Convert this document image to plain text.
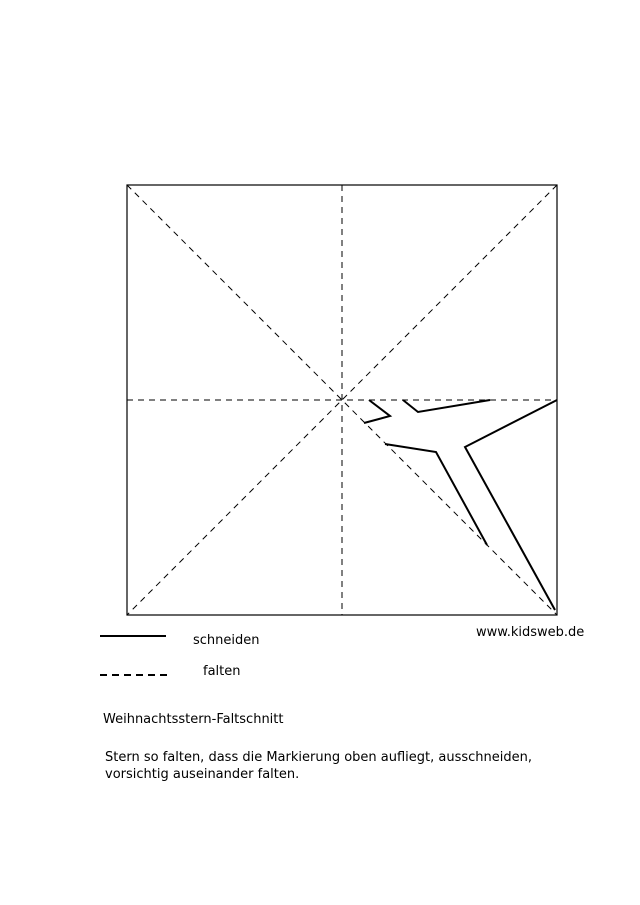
www.kidsweb.de
schneiden
falten
Weihnachtsstern-Faltschnitt
Stern so falten, dass die Markierung oben aufliegt, ausschneiden,
vorsichtig auseinander falten.
